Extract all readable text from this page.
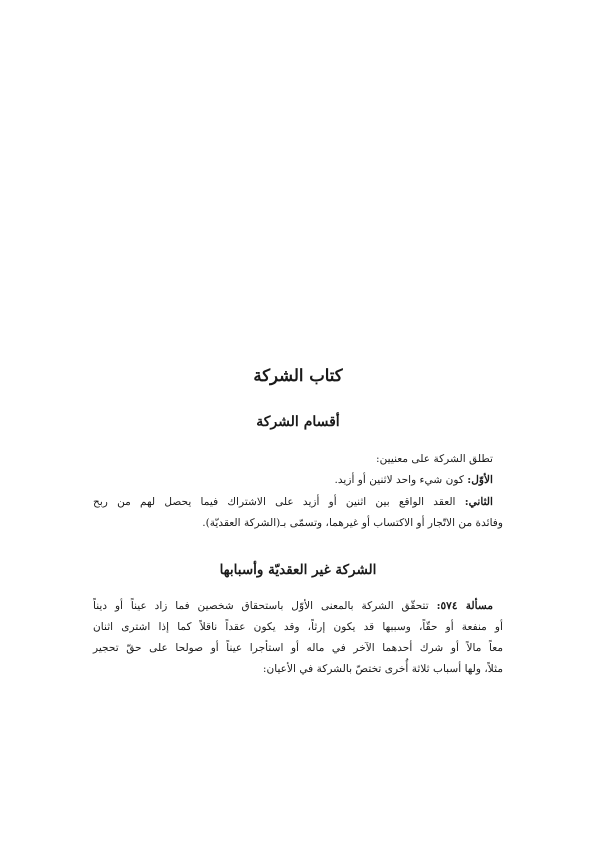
كتاب الشركة
أقسام الشركة
تطلق الشركة على معنيين:
الأوّل: كون شيء واحد لاثنين أو أزيد.
الثاني: العقد الواقع بين اثنين أو أزيد على الاشتراك فيما يحصل لهم من ربح
وفائدة من الاتّجار أو الاكتساب أو غيرهما، وتسمّى بـ(الشركة العقديّة).
الشركة غير العقديّة وأسبابها
مسألة ٥٧٤: تتحقّق الشركة بالمعنى الأوّل باستحقاق شخصين فما زاد عيناً أو ديناً
أو منفعة أو حقّاً، وسببها قد يكون إرثاً، وقد يكون عقداً ناقلاً كما إذا اشترى اثنان
معاً مالاً أو شرك أحدهما الآخر في ماله أو استأجرا عيناً أو صولحا على حقّ تحجير
مثلاً، ولها أسباب ثلاثة أُخرى تختصّ بالشركة في الأعيان:
